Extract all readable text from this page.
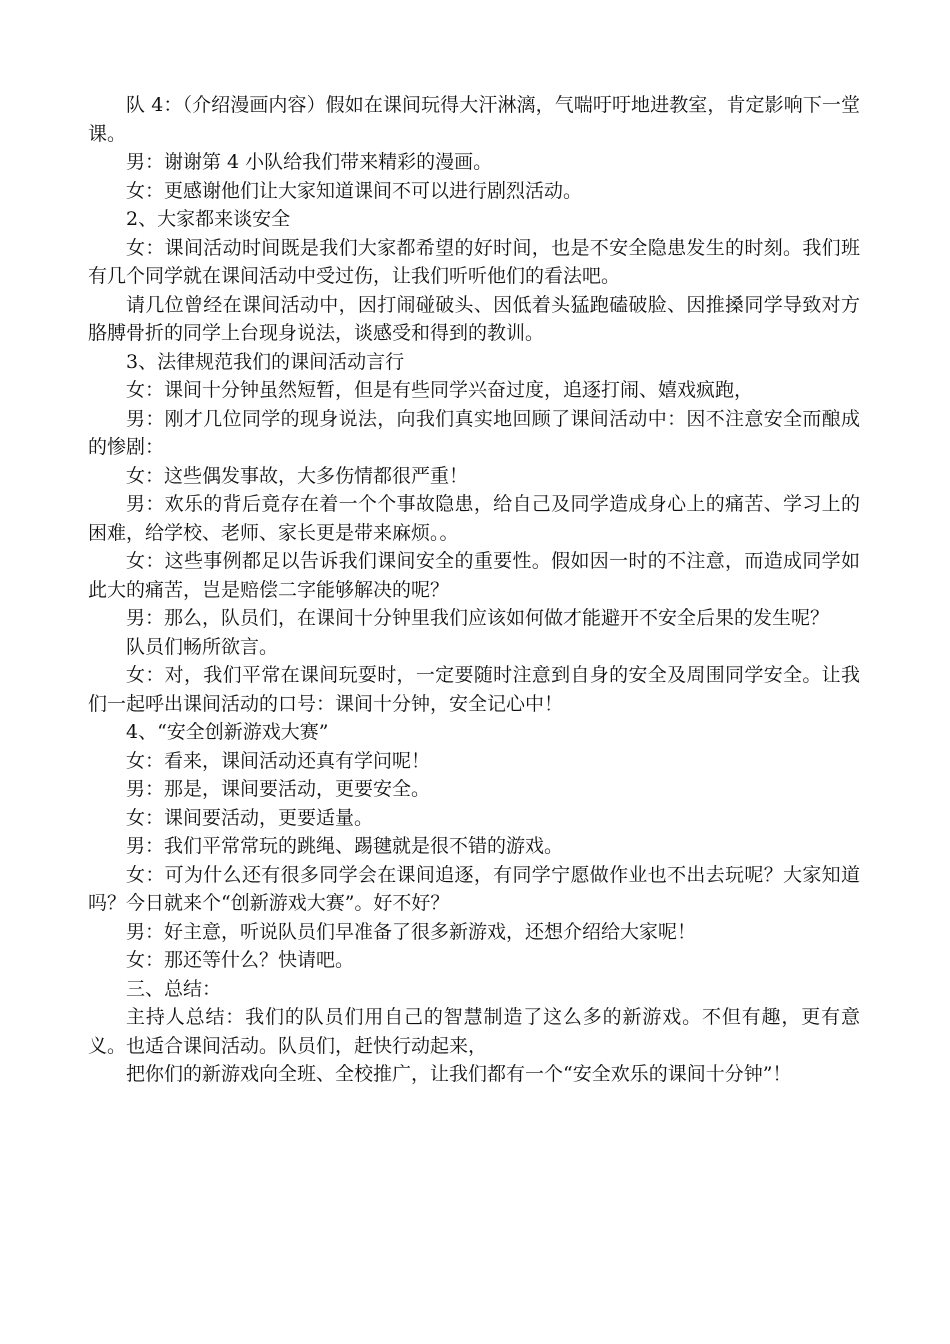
队 4：（介绍漫画内容）假如在课间玩得大汗淋漓，气喘吁吁地进教室，肯定影响下一堂课。

男：谢谢第 4 小队给我们带来精彩的漫画。

女：更感谢他们让大家知道课间不可以进行剧烈活动。

2、大家都来谈安全

女：课间活动时间既是我们大家都希望的好时间，也是不安全隐患发生的时刻。我们班有几个同学就在课间活动中受过伤，让我们听听他们的看法吧。

请几位曾经在课间活动中，因打闹碰破头、因低着头猛跑磕破脸、因推搡同学导致对方胳膊骨折的同学上台现身说法，谈感受和得到的教训。

3、法律规范我们的课间活动言行

女：课间十分钟虽然短暂，但是有些同学兴奋过度，追逐打闹、嬉戏疯跑，

男：刚才几位同学的现身说法，向我们真实地回顾了课间活动中：因不注意安全而酿成的惨剧：

女：这些偶发事故，大多伤情都很严重！

男：欢乐的背后竟存在着一个个事故隐患，给自己及同学造成身心上的痛苦、学习上的困难，给学校、老师、家长更是带来麻烦。。

女：这些事例都足以告诉我们课间安全的重要性。假如因一时的不注意，而造成同学如此大的痛苦，岂是赔偿二字能够解决的呢？

男：那么，队员们，在课间十分钟里我们应该如何做才能避开不安全后果的发生呢？

队员们畅所欲言。

女：对，我们平常在课间玩耍时，一定要随时注意到自身的安全及周围同学安全。让我们一起呼出课间活动的口号：课间十分钟，安全记心中！

4、“安全创新游戏大赛”

女：看来，课间活动还真有学问呢！

男：那是，课间要活动，更要安全。

女：课间要活动，更要适量。

男：我们平常常玩的跳绳、踢毽就是很不错的游戏。

女：可为什么还有很多同学会在课间追逐，有同学宁愿做作业也不出去玩呢？大家知道吗？今日就来个“创新游戏大赛”。好不好？

男：好主意，听说队员们早准备了很多新游戏，还想介绍给大家呢！

女：那还等什么？快请吧。

三、总结：

主持人总结：我们的队员们用自己的智慧制造了这么多的新游戏。不但有趣，更有意义。也适合课间活动。队员们，赶快行动起来，

把你们的新游戏向全班、全校推广，让我们都有一个“安全欢乐的课间十分钟”！
